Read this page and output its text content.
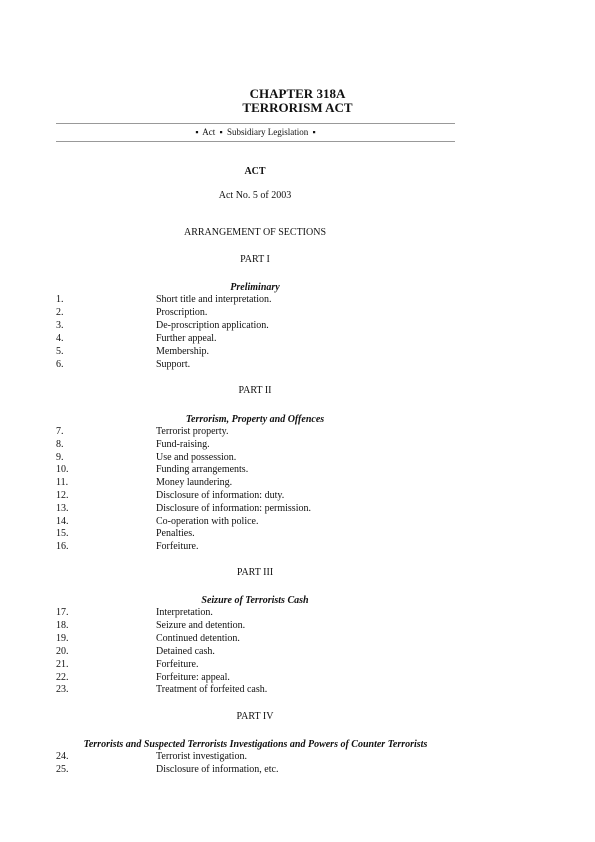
CHAPTER 318A
TERRORISM ACT
▪ Act ▪ Subsidiary Legislation ▪
ACT
Act No. 5 of 2003
ARRANGEMENT OF SECTIONS
PART I
Preliminary
1.	Short title and interpretation.
2.	Proscription.
3.	De-proscription application.
4.	Further appeal.
5.	Membership.
6.	Support.
PART II
Terrorism, Property and Offences
7.	Terrorist property.
8.	Fund-raising.
9.	Use and possession.
10.	Funding arrangements.
11.	Money laundering.
12.	Disclosure of information: duty.
13.	Disclosure of information: permission.
14.	Co-operation with police.
15.	Penalties.
16.	Forfeiture.
PART III
Seizure of Terrorists Cash
17.	Interpretation.
18.	Seizure and detention.
19.	Continued detention.
20.	Detained cash.
21.	Forfeiture.
22.	Forfeiture: appeal.
23.	Treatment of forfeited cash.
PART IV
Terrorists and Suspected Terrorists Investigations and Powers of Counter Terrorists
24.	Terrorist investigation.
25.	Disclosure of information, etc.
